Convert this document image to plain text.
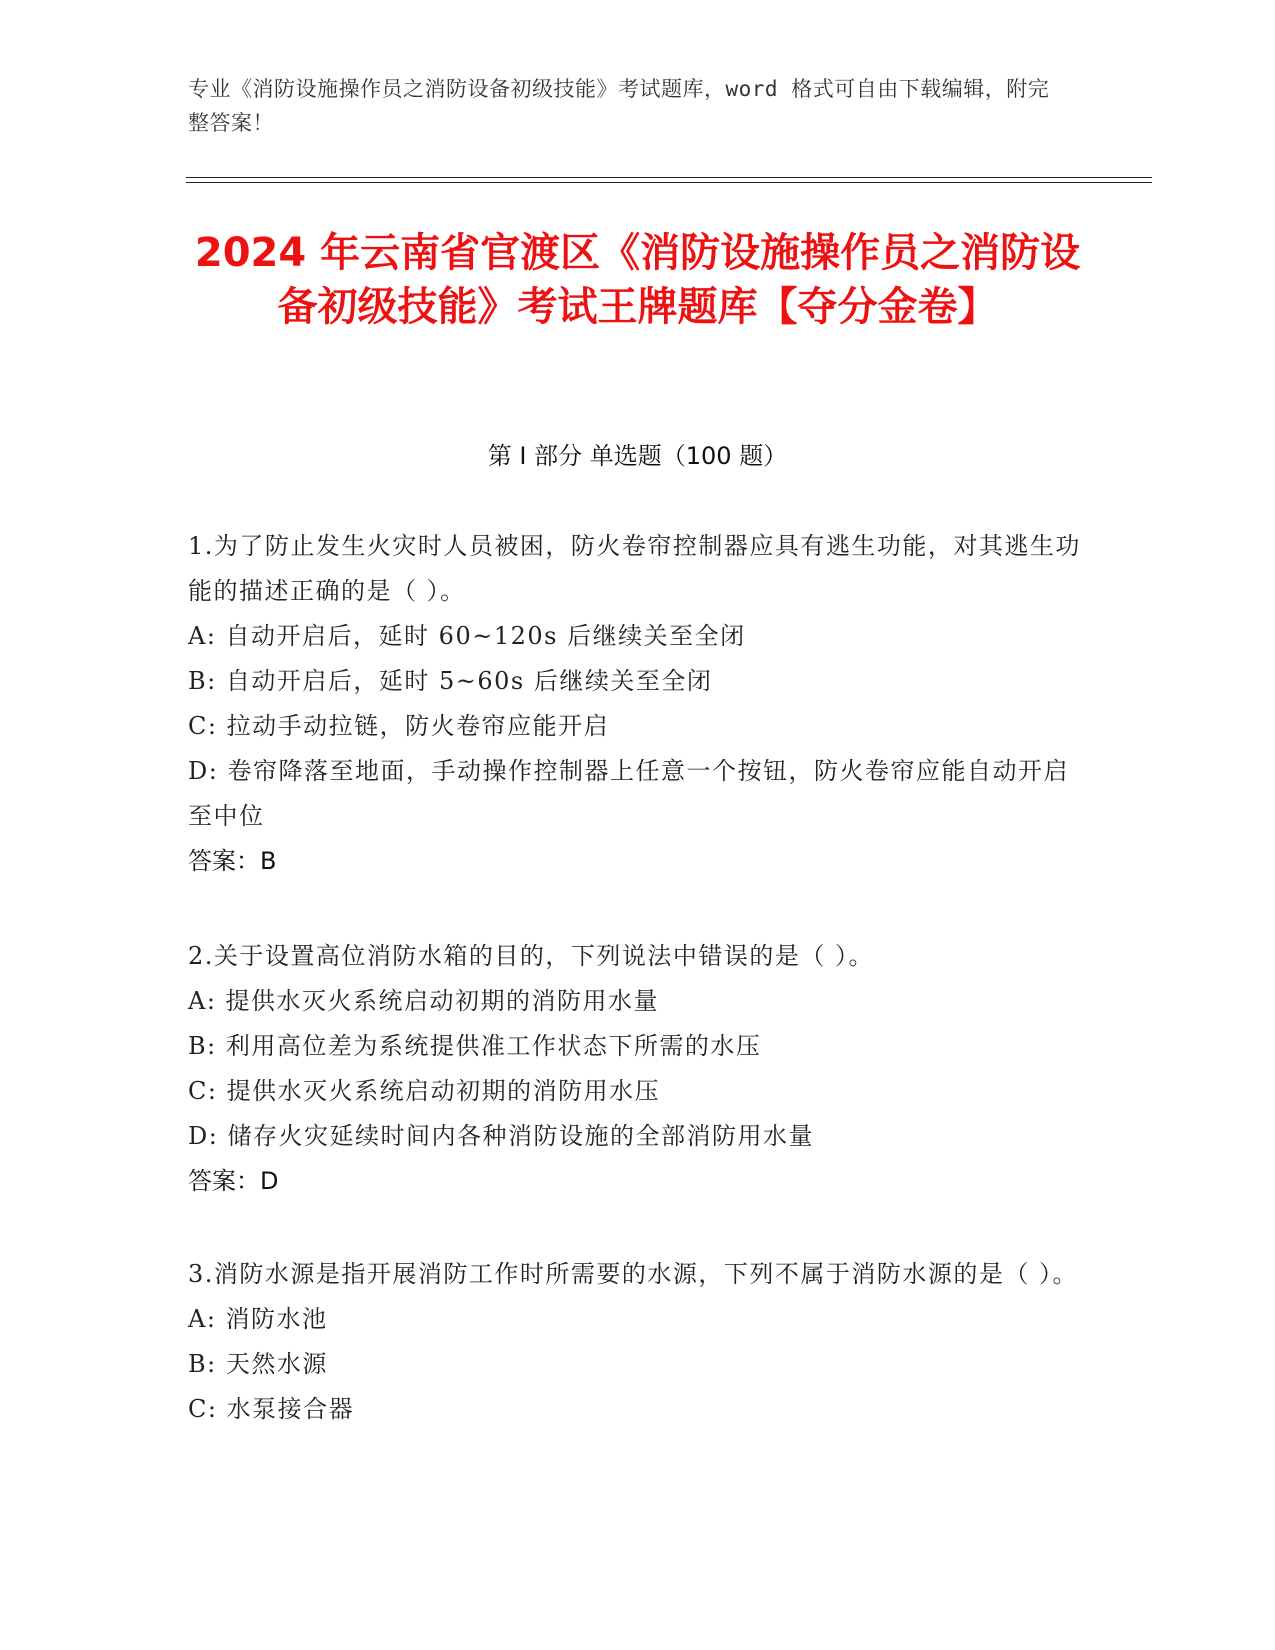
专业《消防设施操作员之消防设备初级技能》考试题库，word 格式可自由下载编辑，附完整答案！
2024 年云南省官渡区《消防设施操作员之消防设备初级技能》考试王牌题库【夺分金卷】
第 I 部分 单选题（100 题）
1.为了防止发生火灾时人员被困，防火卷帘控制器应具有逃生功能，对其逃生功能的描述正确的是（ ）。
A: 自动开启后，延时 60~120s 后继续关至全闭
B: 自动开启后，延时 5~60s 后继续关至全闭
C: 拉动手动拉链，防火卷帘应能开启
D: 卷帘降落至地面，手动操作控制器上任意一个按钮，防火卷帘应能自动开启至中位
答案：B
2.关于设置高位消防水箱的目的，下列说法中错误的是（ ）。
A: 提供水灭火系统启动初期的消防用水量
B: 利用高位差为系统提供准工作状态下所需的水压
C: 提供水灭火系统启动初期的消防用水压
D: 储存火灾延续时间内各种消防设施的全部消防用水量
答案：D
3.消防水源是指开展消防工作时所需要的水源，下列不属于消防水源的是（ ）。
A: 消防水池
B: 天然水源
C: 水泵接合器
